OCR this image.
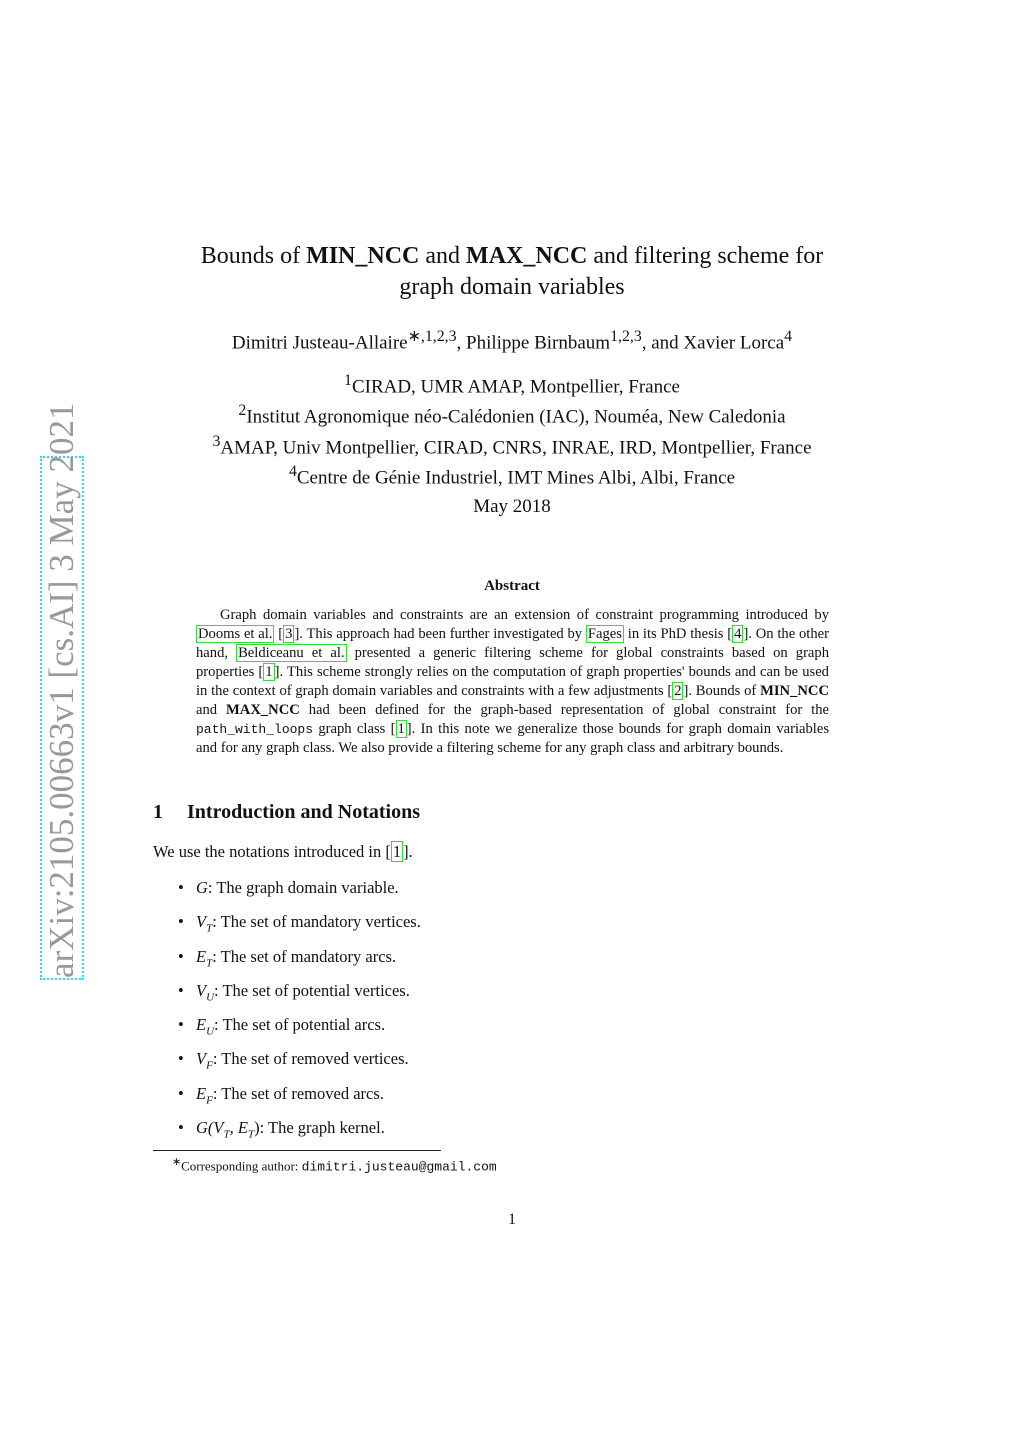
arXiv:2105.00663v1 [cs.AI] 3 May 2021
Bounds of MIN_NCC and MAX_NCC and filtering scheme for
graph domain variables
Dimitri Justeau-Allaire$^{∗,1,2,3}$, Philippe Birnbaum$^{1,2,3}$, and Xavier Lorca$^4$
$^1$CIRAD, UMR AMAP, Montpellier, France
$^2$Institut Agronomique néo-Calédonien (IAC), Nouméa, New Caledonia
$^3$AMAP, Univ Montpellier, CIRAD, CNRS, INRAE, IRD, Montpellier, France
$^4$Centre de Génie Industriel, IMT Mines Albi, Albi, France
May 2018
Abstract
Graph domain variables and constraints are an extension of constraint programming introduced by Dooms et al. [ 3 ]. This approach had been further investigated by Fages in its PhD thesis [ 4 ]. On the other hand, Beldiceanu et al. presented a generic filtering scheme for global constraints based on graph properties [ 1 ]. This scheme strongly relies on the computation of graph properties' bounds and can be used in the context of graph domain variables and constraints with a few adjustments [ 2 ]. Bounds of MIN_NCC and MAX_NCC had been defined for the graph-based representation of global constraint for the path_with_loops graph class [ 1 ]. In this note we generalize those bounds for graph domain variables and for any graph class. We also provide a filtering scheme for any graph class and arbitrary bounds.
1 Introduction and Notations
We use the notations introduced in [ 1 ].
• G: The graph domain variable.
• $V_T$: The set of mandatory vertices.
• $E_T$: The set of mandatory arcs.
• $V_U$: The set of potential vertices.
• $E_U$: The set of potential arcs.
• $V_F$: The set of removed vertices.
• $E_F$: The set of removed arcs.
• $G(V_T$, $E_T$): The graph kernel.
∗Corresponding author: dimitri.justeau@gmail.com
1
